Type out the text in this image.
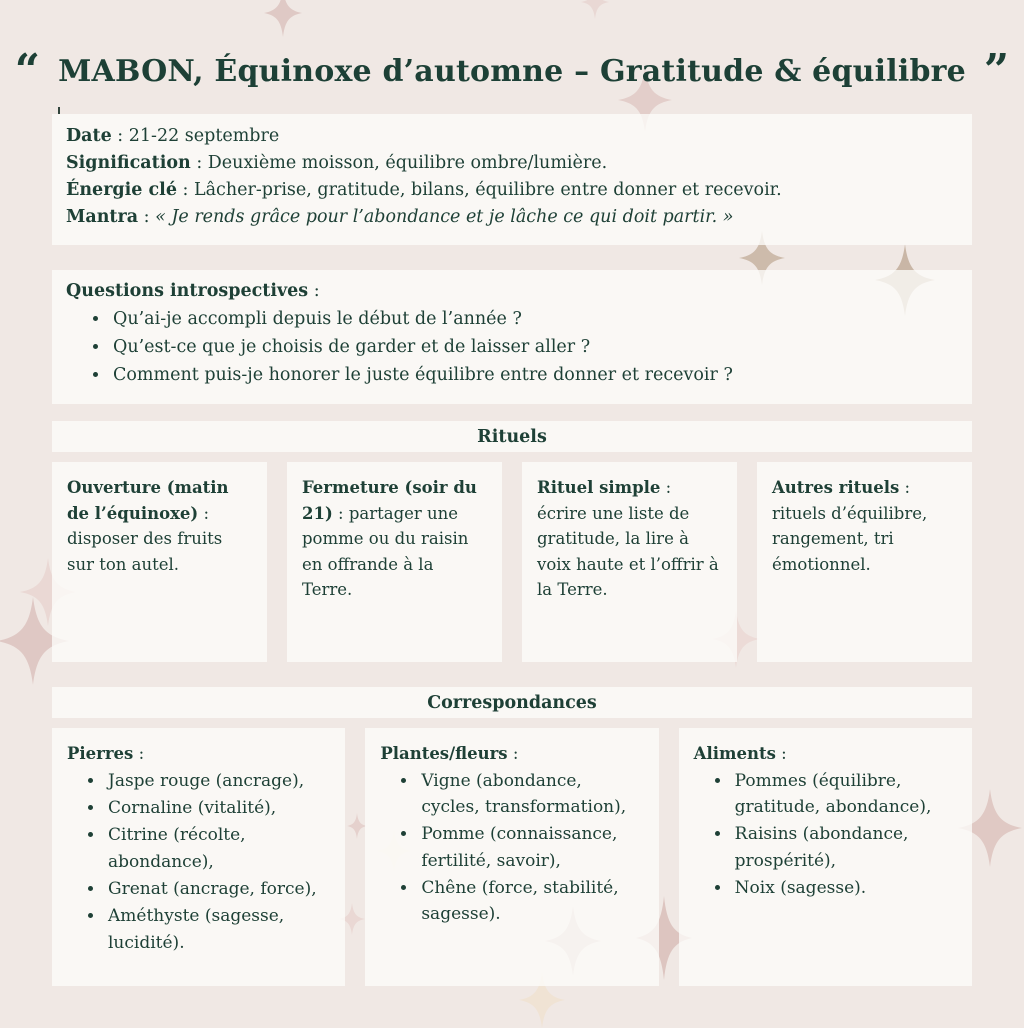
“ MABON, Équinoxe d’automne – Gratitude & équilibre ”

Date : 21-22 septembre

Signification : Deuxième moisson, équilibre ombre/lumière.

Énergie clé : Lâcher-prise, gratitude, bilans, équilibre entre donner et recevoir.

Mantra : « Je rends grâce pour l’abondance et je lâche ce qui doit partir. »

Questions introspectives :

• Qu’ai-je accompli depuis le début de l’année ?
• Qu’est-ce que je choisis de garder et de laisser aller ?
• Comment puis-je honorer le juste équilibre entre donner et recevoir ?
Rituels

Ouverture (matin de l’équinoxe) : disposer des fruits sur ton autel.

Fermeture (soir du 21) : partager une pomme ou du raisin en offrande à la Terre.

Rituel simple : écrire une liste de gratitude, la lire à voix haute et l’offrir à la Terre.

Autres rituels : rituels d’équilibre, rangement, tri émotionnel.

Correspondances

Pierres :

• Jaspe rouge (ancrage),
• Cornaline (vitalité),
• Citrine (récolte, abondance),
• Grenat (ancrage, force),
• Améthyste (sagesse, lucidité).

Plantes/fleurs :

• Vigne (abondance, cycles, transformation),
• Pomme (connaissance, fertilité, savoir),
• Chêne (force, stabilité, sagesse).

Aliments :

• Pommes (équilibre, gratitude, abondance),
• Raisins (abondance, prospérité),
• Noix (sagesse).
